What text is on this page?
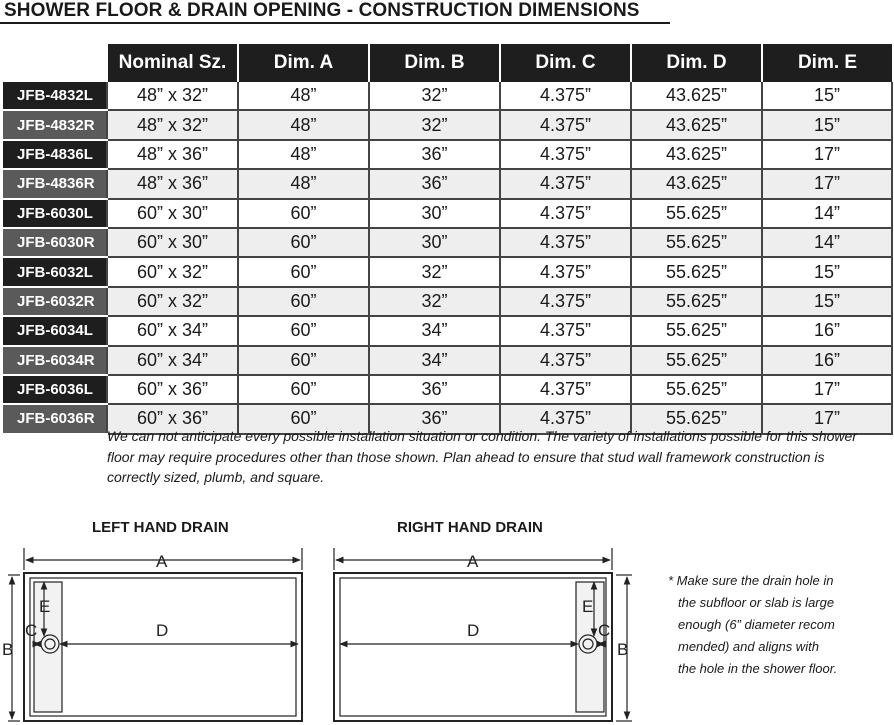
SHOWER FLOOR & DRAIN OPENING - CONSTRUCTION DIMENSIONS
	Nominal Sz.	Dim. A	Dim. B	Dim. C	Dim. D	Dim. E
JFB-4832L	48” x 32”	48”	32”	4.375”	43.625”	15”
JFB-4832R	48” x 32”	48”	32”	4.375”	43.625”	15”
JFB-4836L	48” x 36”	48”	36”	4.375”	43.625”	17”
JFB-4836R	48” x 36”	48”	36”	4.375”	43.625”	17”
JFB-6030L	60” x 30”	60”	30”	4.375”	55.625”	14”
JFB-6030R	60” x 30”	60”	30”	4.375”	55.625”	14”
JFB-6032L	60” x 32”	60”	32”	4.375”	55.625”	15”
JFB-6032R	60” x 32”	60”	32”	4.375”	55.625”	15”
JFB-6034L	60” x 34”	60”	34”	4.375”	55.625”	16”
JFB-6034R	60” x 34”	60”	34”	4.375”	55.625”	16”
JFB-6036L	60” x 36”	60”	36”	4.375”	55.625”	17”
JFB-6036R	60” x 36”	60”	36”	4.375”	55.625”	17”
We can not anticipate every possible installation situation or condition. The variety of installations possible for this shower floor may require procedures other than those shown. Plan ahead to ensure that stud wall framework construction is correctly sized, plumb, and square.
LEFT HAND DRAIN	RIGHT HAND DRAIN
A
B
C	D
E
A
B
C
D
E
* Make sure the drain hole in
the subfloor or slab is large
enough (6” diameter recom
mended) and aligns with
the hole in the shower floor.
